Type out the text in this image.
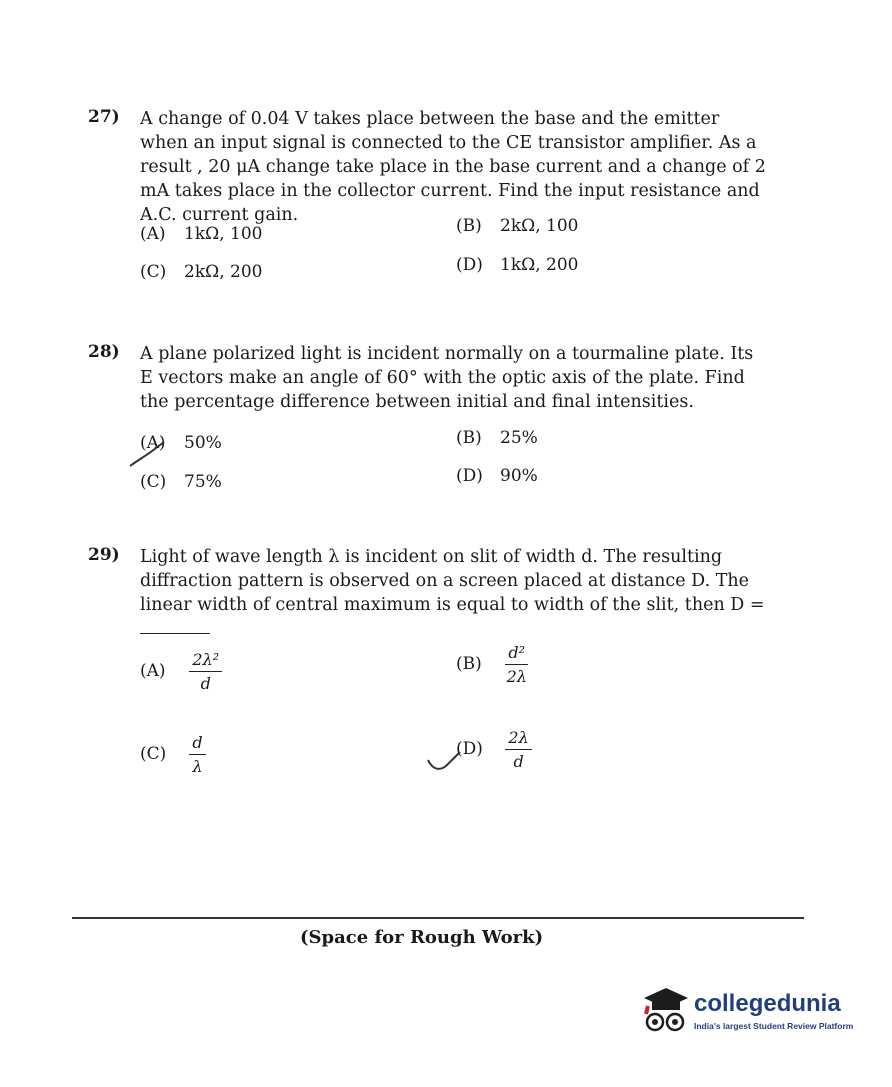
27) A change of 0.04 V takes place between the base and the emitter when an input signal is connected to the CE transistor amplifier. As a result , 20 μA change take place in the base current and a change of 2 mA takes place in the collector current. Find the input resistance and A.C. current gain.
(A) 1kΩ, 100	(B) 2kΩ, 100
(C) 2kΩ, 200	(D) 1kΩ, 200
28) A plane polarized light is incident normally on a tourmaline plate. Its E vectors make an angle of 60° with the optic axis of the plate. Find the percentage difference between initial and final intensities.
(A) 50%	(B) 25%
(C) 75%	(D) 90%
29) Light of wave length λ is incident on slit of width d. The resulting diffraction pattern is observed on a screen placed at distance D. The linear width of central maximum is equal to width of the slit, then D =
$(A) \frac{\text{2λ²}}{d}$	$(B) \frac{\text{d²}}{2\lambda}$
$(C) \frac{d}{\lambda}$	$(D) \frac{2\lambda}{d}$
(Space for Rough Work)
collegedunia
India's largest Student Review Platform
